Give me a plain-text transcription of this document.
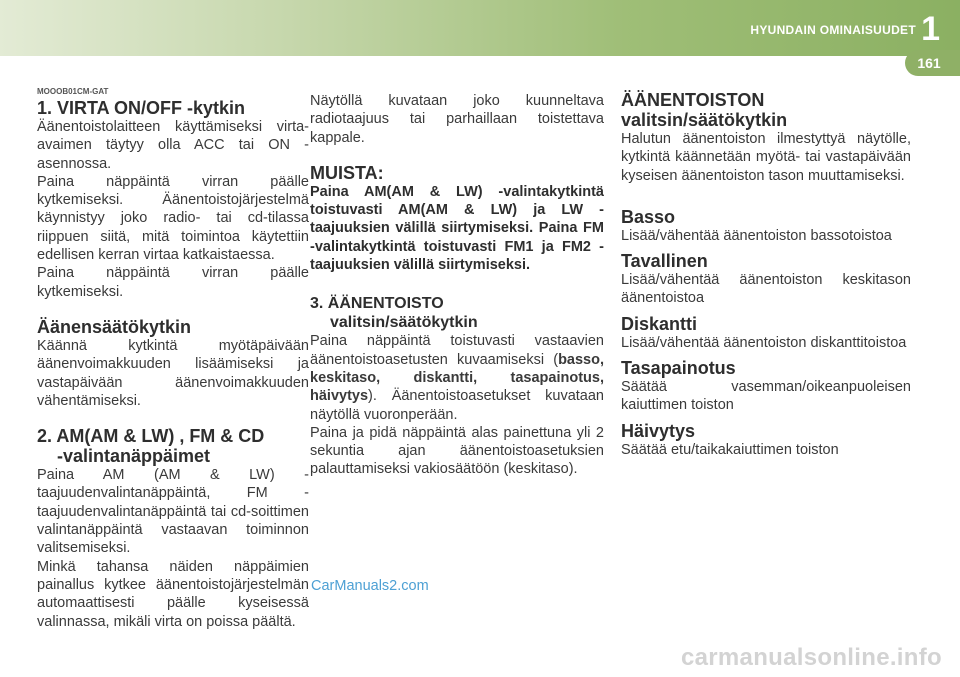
HYUNDAIN OMINAISUUDET 1
161
MOOOB01CM-GAT
1. VIRTA ON/OFF -kytkin

Äänentoistolaitteen käyttämiseksi virta-avaimen täytyy olla ACC tai ON -asennossa.

Paina näppäintä virran päälle kytkemiseksi. Äänentoistojärjestelmä käynnistyy joko radio- tai cd-tilassa riippuen siitä, mitä toimintoa käytettiin edellisen kerran virtaa katkaistaessa.

Paina näppäintä virran päälle kytkemiseksi.

Äänensäätökytkin

Käännä kytkintä myötäpäivään äänenvoimakkuuden lisäämiseksi ja vastapäivään äänenvoimakkuuden vähentämiseksi.

2. AM(AM & LW) , FM & CD
-valintanäppäimet

Paina AM (AM & LW) -taajuudenvalintanäppäintä, FM -taajuudenvalintanäppäintä tai cd-soittimen valintanäppäintä vastaavan toiminnon valitsemiseksi.

Minkä tahansa näiden näppäimien painallus kytkee äänentoistojärjestelmän automaattisesti päälle kyseisessä valinnassa, mikäli virta on poissa päältä.

Näytöllä kuvataan joko kuunneltava radiotaajuus tai parhaillaan toistettava kappale.

MUISTA:

Paina AM(AM & LW) -valintakytkintä toistuvasti AM(AM & LW) ja LW -taajuuksien välillä siirtymiseksi. Paina FM -valintakytkintä toistuvasti FM1 ja FM2 -taajuuksien välillä siirtymiseksi.

3. ÄÄNENTOISTO
valitsin/säätökytkin

Paina näppäintä toistuvasti vastaavien äänentoistoasetusten kuvaamiseksi (basso, keskitaso, diskantti, tasapainotus, häivytys). Äänentoistoasetukset kuvataan näytöllä vuoronperään.

Paina ja pidä näppäintä alas painettuna yli 2 sekuntia ajan äänentoistoasetuksien palauttamiseksi vakiosäätöön (keskitaso).

ÄÄNENTOISTON
valitsin/säätökytkin

Halutun äänentoiston ilmestyttyä näytölle, kytkintä käännetään myötä- tai vastapäivään kyseisen äänentoiston tason muuttamiseksi.

Basso

Lisää/vähentää äänentoiston bassotoistoa

Tavallinen

Lisää/vähentää äänentoiston keskitason äänentoistoa

Diskantti

Lisää/vähentää äänentoiston diskanttitoistoa

Tasapainotus

Säätää vasemman/oikeanpuoleisen kaiuttimen toiston

Häivytys

Säätää etu/taikakaiuttimen toiston

CarManuals2.com
carmanualsonline.info
